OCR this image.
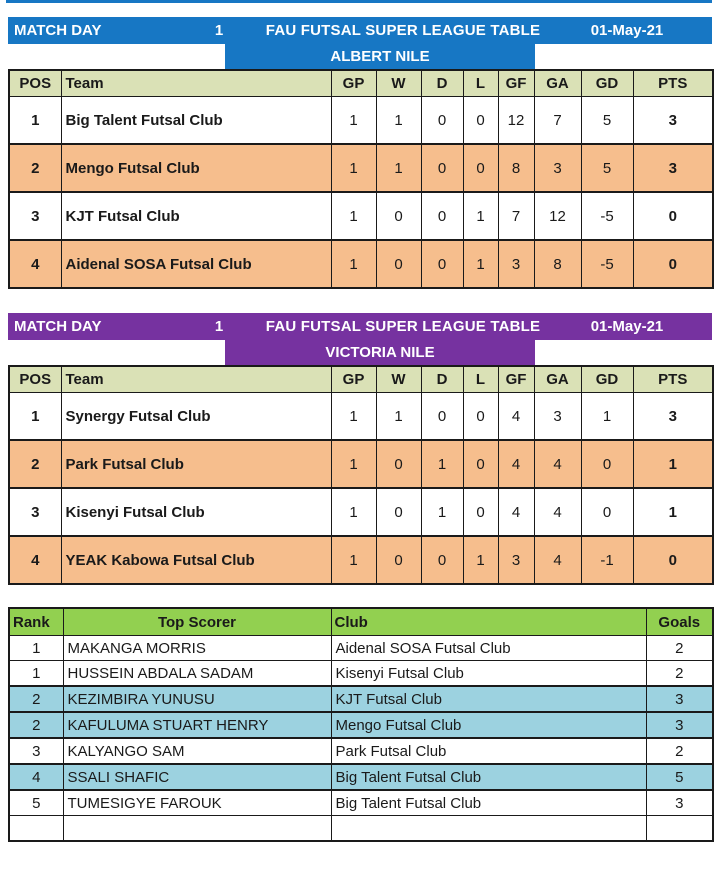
MATCH DAY	1	FAU FUTSAL SUPER LEAGUE TABLE	01-May-21
ALBERT NILE
POS	Team	GP	W	D	L	GF	GA	GD	PTS
1	Big Talent Futsal Club	1	1	0	0	12	7	5	3
2	Mengo Futsal Club	1	1	0	0	8	3	5	3
3	KJT Futsal Club	1	0	0	1	7	12	-5	0
4	Aidenal SOSA Futsal Club	1	0	0	1	3	8	-5	0
MATCH DAY	1	FAU FUTSAL SUPER LEAGUE TABLE	01-May-21
VICTORIA NILE
POS	Team	GP	W	D	L	GF	GA	GD	PTS
1	Synergy Futsal Club	1	1	0	0	4	3	1	3
2	Park Futsal Club	1	0	1	0	4	4	0	1
3	Kisenyi Futsal Club	1	0	1	0	4	4	0	1
4	YEAK Kabowa Futsal Club	1	0	0	1	3	4	-1	0
Rank	Top Scorer	Club	Goals
1	MAKANGA MORRIS	Aidenal SOSA Futsal Club	2
1	HUSSEIN ABDALA SADAM	Kisenyi Futsal Club	2
2	KEZIMBIRA YUNUSU	KJT Futsal Club	3
2	KAFULUMA STUART HENRY	Mengo Futsal Club	3
3	KALYANGO SAM	Park Futsal Club	2
4	SSALI SHAFIC	Big Talent Futsal Club	5
5	TUMESIGYE FAROUK	Big Talent Futsal Club	3
